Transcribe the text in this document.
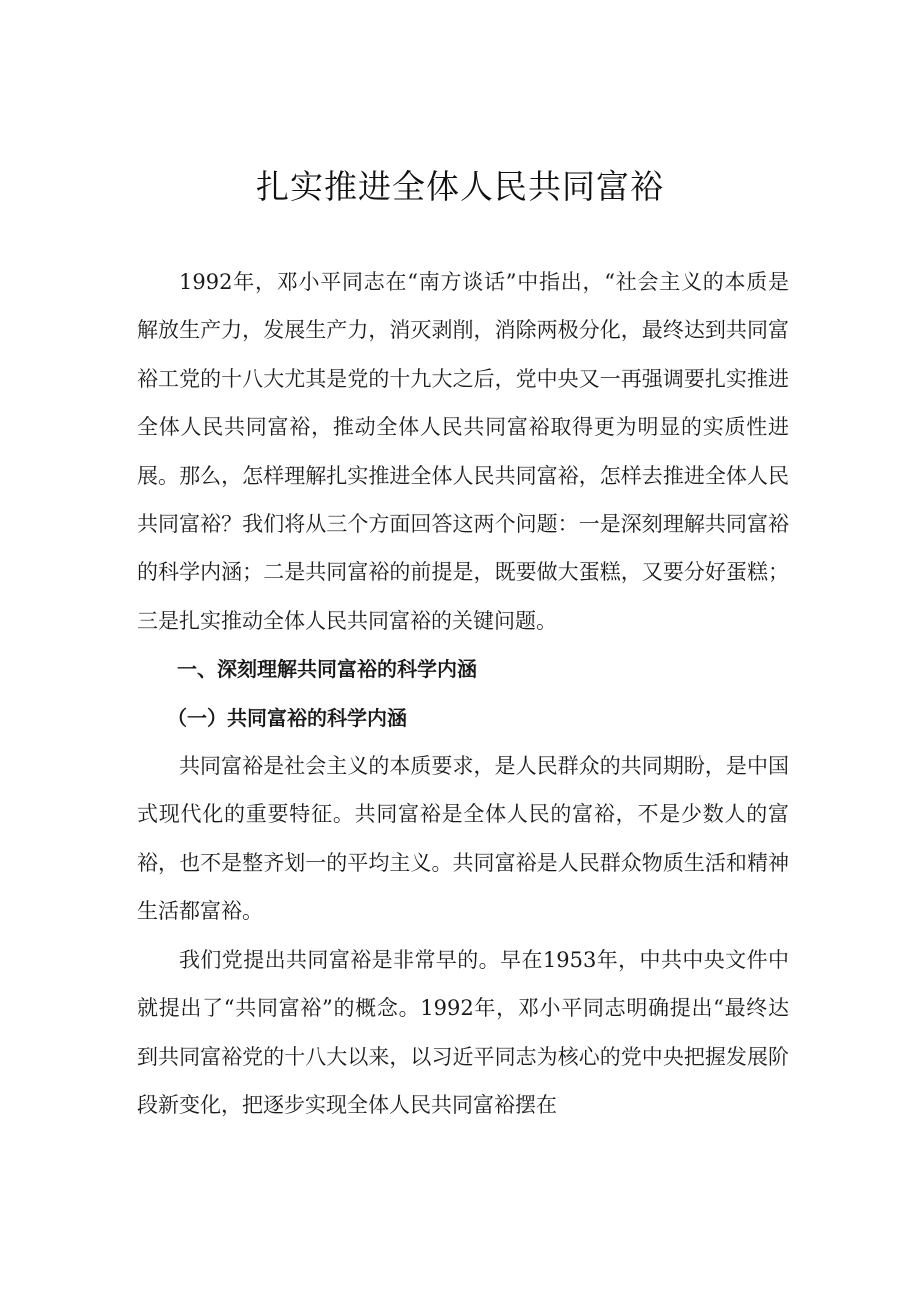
扎实推进全体人民共同富裕

1992年，邓小平同志在“南方谈话”中指出，“社会主义的本质是解放生产力，发展生产力，消灭剥削，消除两极分化，最终达到共同富裕工党的十八大尤其是党的十九大之后，党中央又一再强调要扎实推进全体人民共同富裕，推动全体人民共同富裕取得更为明显的实质性进展。那么，怎样理解扎实推进全体人民共同富裕，怎样去推进全体人民共同富裕？我们将从三个方面回答这两个问题：一是深刻理解共同富裕的科学内涵；二是共同富裕的前提是，既要做大蛋糕，又要分好蛋糕；三是扎实推动全体人民共同富裕的关键问题。

一、深刻理解共同富裕的科学内涵

（一）共同富裕的科学内涵

共同富裕是社会主义的本质要求，是人民群众的共同期盼，是中国式现代化的重要特征。共同富裕是全体人民的富裕，不是少数人的富裕，也不是整齐划一的平均主义。共同富裕是人民群众物质生活和精神生活都富裕。

我们党提出共同富裕是非常早的。早在1953年，中共中央文件中就提出了“共同富裕”的概念。1992年，邓小平同志明确提出“最终达到共同富裕党的十八大以来，以习近平同志为核心的党中央把握发展阶段新变化，把逐步实现全体人民共同富裕摆在
